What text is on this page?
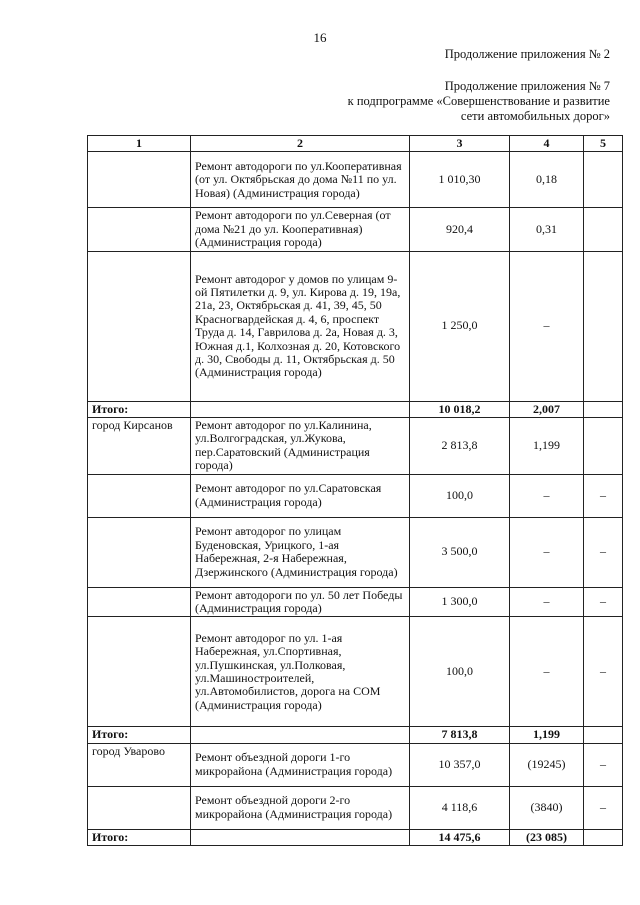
16
Продолжение приложения № 2
Продолжение приложения № 7
к подпрограмме «Совершенствование и развитие
сети автомобильных дорог»
1	2	3	4	5
	Ремонт автодороги по ул.Кооперативная (от ул. Октябрьская до дома №11 по ул. Новая) (Администрация города)	1 010,30	0,18	
	Ремонт автодороги по ул.Северная (от дома №21 до ул. Кооперативная) (Администрация города)	920,4	0,31	
	Ремонт автодорог у домов по улицам 9-ой Пятилетки д. 9, ул. Кирова д. 19, 19а, 21а, 23, Октябрьская д. 41, 39, 45, 50 Красногвардейская д. 4, 6, проспект Труда д. 14, Гаврилова д. 2а, Новая д. 3, Южная д.1, Колхозная д. 20, Котовского д. 30, Свободы д. 11, Октябрьская д. 50 (Администрация города)	1 250,0	–	
Итого:		10 018,2	2,007	
город Кирсанов	Ремонт автодорог по ул.Калинина, ул.Волгоградская, ул.Жукова, пер.Саратовский (Администрация города)	2 813,8	1,199	
	Ремонт автодорог по ул.Саратовская (Администрация города)	100,0	–	–
	Ремонт автодорог по улицам Буденовская, Урицкого, 1-ая Набережная, 2-я Набережная, Дзержинского (Администрация города)	3 500,0	–	–
	Ремонт автодороги по ул. 50 лет Победы (Администрация города)	1 300,0	–	–
	Ремонт автодорог по ул. 1-ая Набережная, ул.Спортивная, ул.Пушкинская, ул.Полковая, ул.Машиностроителей, ул.Автомобилистов, дорога на СОМ (Администрация города)	100,0	–	–
Итого:		7 813,8	1,199	
город Уварово	Ремонт объездной дороги 1-го микрорайона (Администрация города)	10 357,0	(19245)	–
	Ремонт объездной дороги 2-го микрорайона (Администрация города)	4 118,6	(3840)	–
Итого:		14 475,6	(23 085)	
